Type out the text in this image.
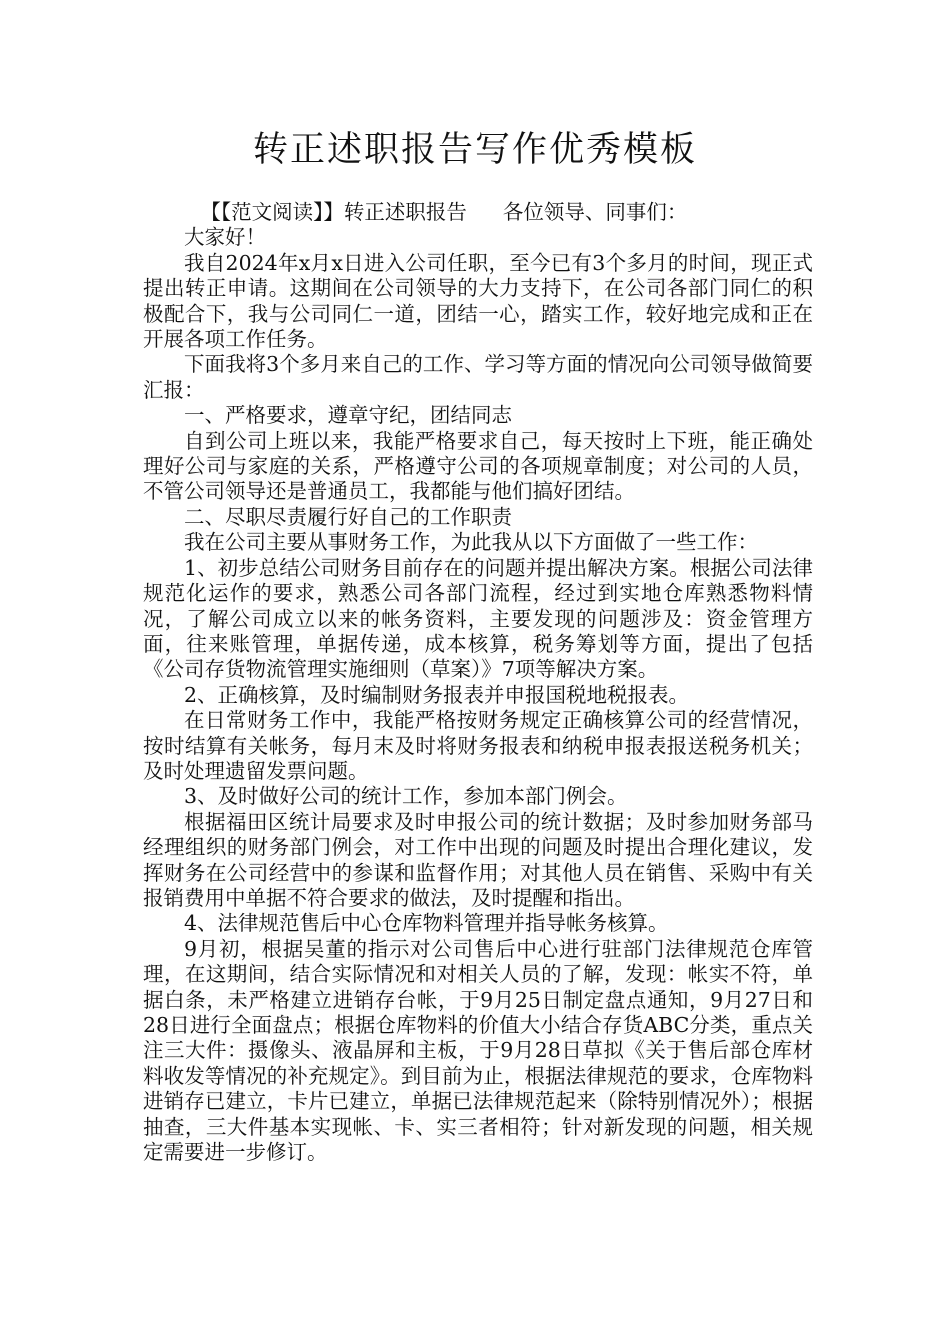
转正述职报告写作优秀模板

【【范文阅读】】转正述职报告 各位领导、同事们：

大家好！

我自2024年x月x日进入公司任职，至今已有3个多月的时间，现正式提出转正申请。这期间在公司领导的大力支持下，在公司各部门同仁的积极配合下，我与公司同仁一道，团结一心，踏实工作，较好地完成和正在开展各项工作任务。

下面我将3个多月来自己的工作、学习等方面的情况向公司领导做简要汇报：

一、严格要求，遵章守纪，团结同志

自到公司上班以来，我能严格要求自己，每天按时上下班，能正确处理好公司与家庭的关系，严格遵守公司的各项规章制度；对公司的人员，不管公司领导还是普通员工，我都能与他们搞好团结。

二、尽职尽责履行好自己的工作职责

我在公司主要从事财务工作，为此我从以下方面做了一些工作：

1、初步总结公司财务目前存在的问题并提出解决方案。根据公司法律规范化运作的要求，熟悉公司各部门流程，经过到实地仓库熟悉物料情况，了解公司成立以来的帐务资料，主要发现的问题涉及：资金管理方面，往来账管理，单据传递，成本核算，税务筹划等方面，提出了包括《公司存货物流管理实施细则（草案）》7项等解决方案。

2、正确核算，及时编制财务报表并申报国税地税报表。

在日常财务工作中，我能严格按财务规定正确核算公司的经营情况，按时结算有关帐务，每月末及时将财务报表和纳税申报表报送税务机关；及时处理遗留发票问题。

3、及时做好公司的统计工作，参加本部门例会。

根据福田区统计局要求及时申报公司的统计数据；及时参加财务部马经理组织的财务部门例会，对工作中出现的问题及时提出合理化建议，发挥财务在公司经营中的参谋和监督作用；对其他人员在销售、采购中有关报销费用中单据不符合要求的做法，及时提醒和指出。

4、法律规范售后中心仓库物料管理并指导帐务核算。

9月初，根据吴董的指示对公司售后中心进行驻部门法律规范仓库管理，在这期间，结合实际情况和对相关人员的了解，发现：帐实不符，单据白条，未严格建立进销存台帐，于9月25日制定盘点通知，9月27日和28日进行全面盘点；根据仓库物料的价值大小结合存货ABC分类，重点关注三大件：摄像头、液晶屏和主板，于9月28日草拟《关于售后部仓库材料收发等情况的补充规定》。到目前为止，根据法律规范的要求，仓库物料进销存已建立，卡片已建立，单据已法律规范起来（除特别情况外）；根据抽查，三大件基本实现帐、卡、实三者相符；针对新发现的问题，相关规定需要进一步修订。
